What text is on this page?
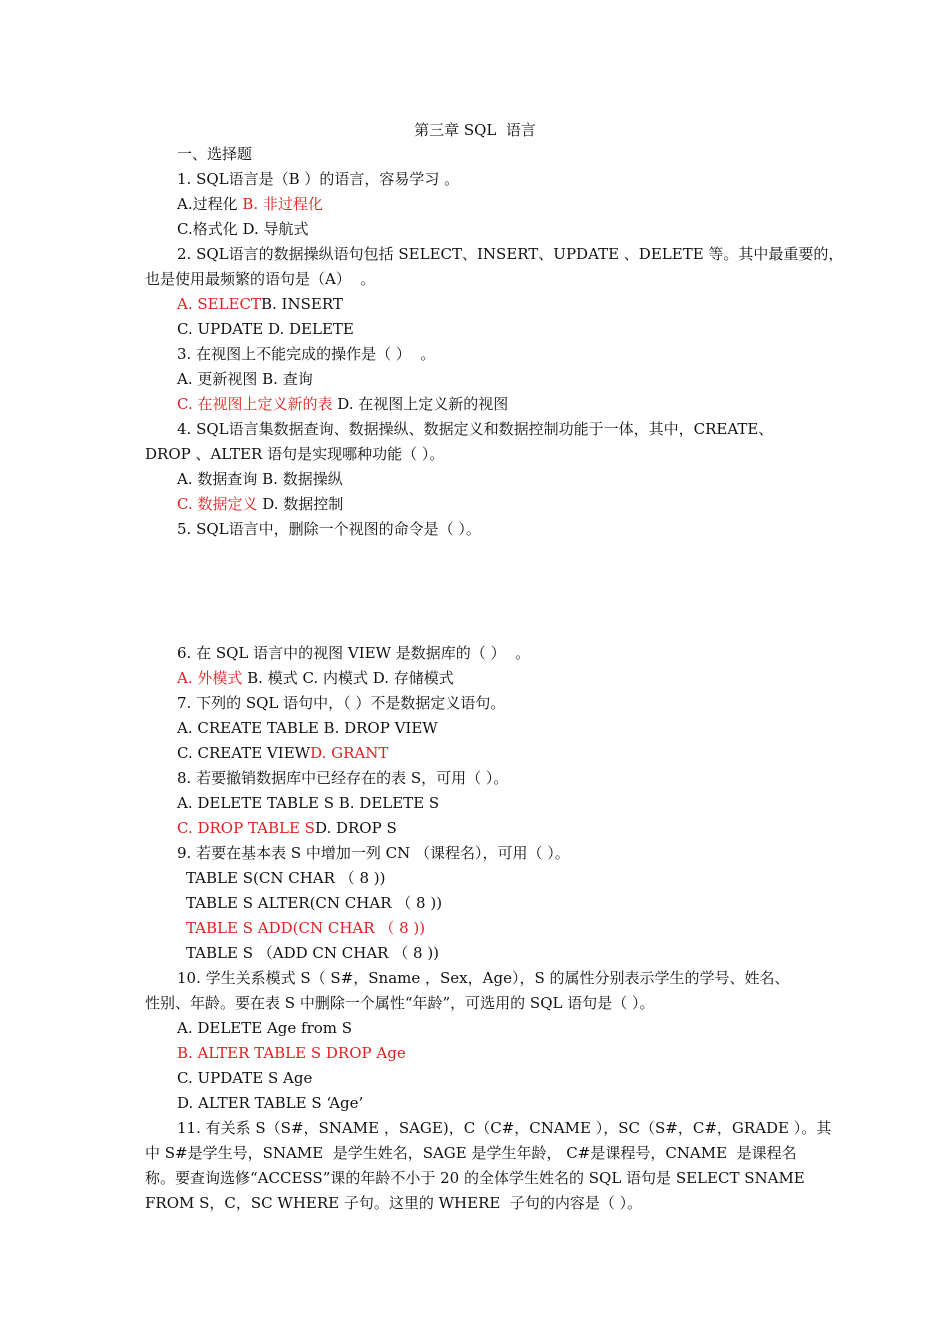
第三章 SQL  语言
一、选择题
1. SQL语言是（B ）的语言，容易学习 。
A.过程化 B. 非过程化
C.格式化 D. 导航式
2. SQL语言的数据操纵语句包括 SELECT、INSERT、UPDATE 、DELETE 等。其中最重要的，
也是使用最频繁的语句是（A）  。
A. SELECTB. INSERT
C. UPDATE D. DELETE
3. 在视图上不能完成的操作是（ ）  。
A. 更新视图 B. 查询
C. 在视图上定义新的表 D. 在视图上定义新的视图
4. SQL语言集数据查询、数据操纵、数据定义和数据控制功能于一体，其中，CREATE、
DROP 、ALTER 语句是实现哪种功能（ ）。
A. 数据查询 B. 数据操纵
C. 数据定义 D. 数据控制
5. SQL语言中，删除一个视图的命令是（ ）。
6. 在 SQL 语言中的视图 VIEW 是数据库的（ ）  。
A. 外模式 B. 模式 C. 内模式 D. 存储模式
7. 下列的 SQL 语句中，（ ）不是数据定义语句。
A. CREATE TABLE B. DROP VIEW
C. CREATE VIEWD. GRANT
8. 若要撤销数据库中已经存在的表 S，可用（ ）。
A. DELETE TABLE S B. DELETE S
C. DROP TABLE SD. DROP S
9. 若要在基本表 S 中增加一列 CN （课程名），可用（ ）。
TABLE S(CN CHAR （ 8 ))
TABLE S ALTER(CN CHAR （ 8 ))
TABLE S ADD(CN CHAR （ 8 ))
TABLE S （ADD CN CHAR （ 8 ))
10. 学生关系模式 S（ S#，Sname ，Sex，Age），S 的属性分别表示学生的学号、姓名、
性别、年龄。要在表 S 中删除一个属性“年龄”，可选用的 SQL 语句是（ ）。
A. DELETE Age from S
B. ALTER TABLE S DROP Age
C. UPDATE S Age
D. ALTER TABLE S ‘Age’
11. 有关系 S（S#，SNAME ，SAGE)，C（C#，CNAME ），SC（S#，C#，GRADE ）。其
中 S#是学生号，SNAME  是学生姓名，SAGE 是学生年龄， C#是课程号，CNAME  是课程名
称。要查询选修“ACCESS”课的年龄不小于 20 的全体学生姓名的 SQL 语句是 SELECT SNAME
FROM S，C，SC WHERE 子句。这里的 WHERE  子句的内容是（ ）。
